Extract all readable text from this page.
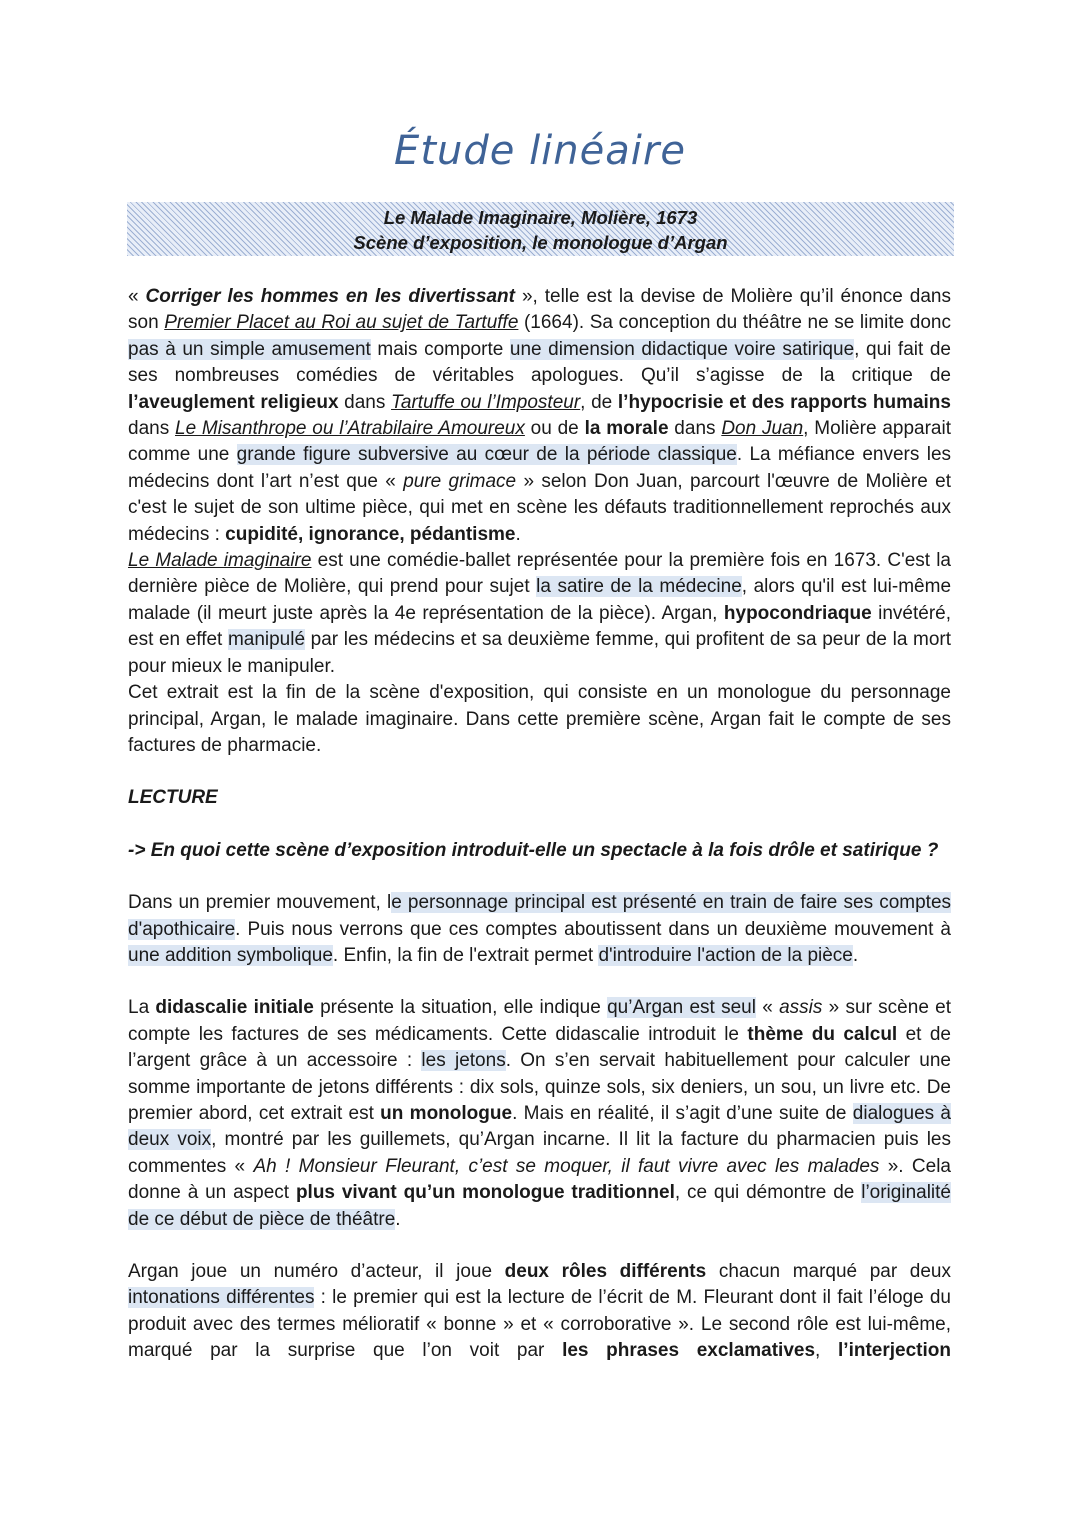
Étude linéaire
Le Malade Imaginaire, Molière, 1673
Scène d’exposition, le monologue d’Argan

« Corriger les hommes en les divertissant », telle est la devise de Molière qu’il énonce dans son Premier Placet au Roi au sujet de Tartuffe (1664). Sa conception du théâtre ne se limite donc pas à un simple amusement mais comporte une dimension didactique voire satirique, qui fait de ses nombreuses comédies de véritables apologues. Qu’il s’agisse de la critique de l’aveuglement religieux dans Tartuffe ou l’Imposteur, de l’hypocrisie et des rapports humains dans Le Misanthrope ou l’Atrabilaire Amoureux ou de la morale dans Don Juan, Molière apparait comme une grande figure subversive au cœur de la période classique. La méfiance envers les médecins dont l’art n’est que « pure grimace » selon Don Juan, parcourt l'œuvre de Molière et c'est le sujet de son ultime pièce, qui met en scène les défauts traditionnellement reprochés aux médecins : cupidité, ignorance, pédantisme.

Le Malade imaginaire est une comédie-ballet représentée pour la première fois en 1673. C'est la dernière pièce de Molière, qui prend pour sujet la satire de la médecine, alors qu'il est lui-même malade (il meurt juste après la 4e représentation de la pièce). Argan, hypocondriaque invétéré, est en effet manipulé par les médecins et sa deuxième femme, qui profitent de sa peur de la mort pour mieux le manipuler.

Cet extrait est la fin de la scène d'exposition, qui consiste en un monologue du personnage principal, Argan, le malade imaginaire. Dans cette première scène, Argan fait le compte de ses factures de pharmacie.

LECTURE

-> En quoi cette scène d’exposition introduit-elle un spectacle à la fois drôle et satirique ?

Dans un premier mouvement, le personnage principal est présenté en train de faire ses comptes d'apothicaire. Puis nous verrons que ces comptes aboutissent dans un deuxième mouvement à une addition symbolique. Enfin, la fin de l'extrait permet d'introduire l'action de la pièce.

La didascalie initiale présente la situation, elle indique qu’Argan est seul « assis » sur scène et compte les factures de ses médicaments. Cette didascalie introduit le thème du calcul et de l’argent grâce à un accessoire : les jetons. On s’en servait habituellement pour calculer une somme importante de jetons différents : dix sols, quinze sols, six deniers, un sou, un livre etc. De premier abord, cet extrait est un monologue. Mais en réalité, il s’agit d’une suite de dialogues à deux voix, montré par les guillemets, qu’Argan incarne. Il lit la facture du pharmacien puis les commentes « Ah ! Monsieur Fleurant, c’est se moquer, il faut vivre avec les malades ». Cela donne à un aspect plus vivant qu’un monologue traditionnel, ce qui démontre de l’originalité de ce début de pièce de théâtre.

Argan joue un numéro d’acteur, il joue deux rôles différents chacun marqué par deux intonations différentes : le premier qui est la lecture de l’écrit de M. Fleurant dont il fait l’éloge du produit avec des termes mélioratif « bonne » et « corroborative ». Le second rôle est lui-même, marqué par la surprise que l’on voit par les phrases exclamatives, l’interjection
